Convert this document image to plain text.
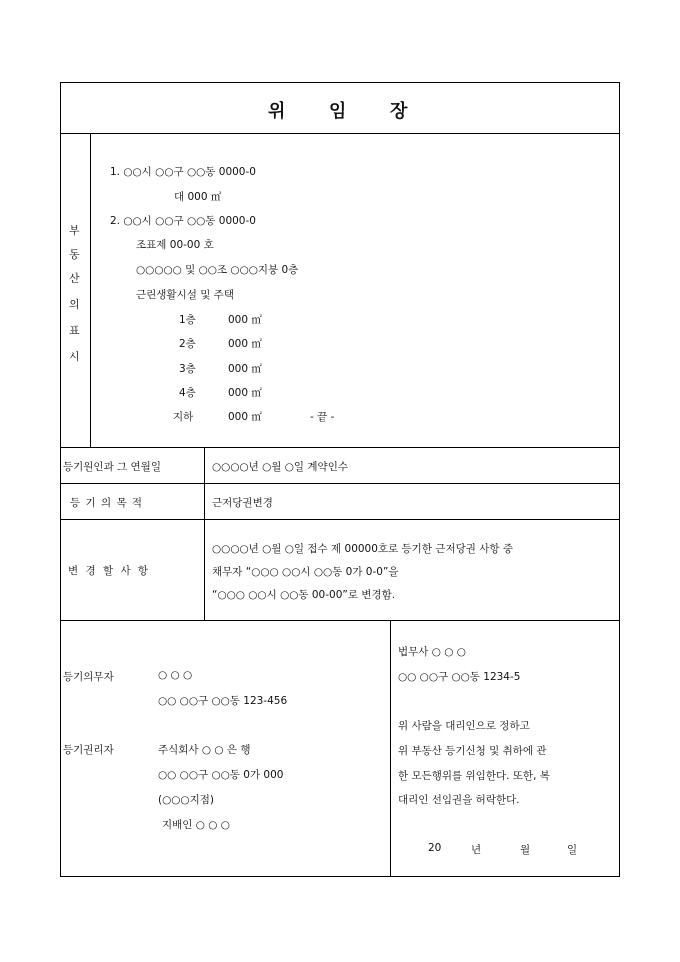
위 임 장
부
동
산
의
표
시
1. ○○시 ○○구 ○○동 0000-0
대 000 ㎡
2. ○○시 ○○구 ○○동 0000-0
조표제 00-00 호
○○○○○ 및 ○○조 ○○○지붕 0층
근린생활시설 및 주택
1층	000 ㎡
2층	000 ㎡
3층	000 ㎡
4층	000 ㎡
지하	000 ㎡	- 끝 -
등기원인과 그 연월일	○○○○년 ○월 ○일 계약인수
등 기 의 목 적	근저당권변경
변 경 할 사 항
○○○○년 ○월 ○일 접수 제 00000호로 등기한 근저당권 사항 중
채무자 “○○○ ○○시 ○○동 0가 0-0”을
“○○○ ○○시 ○○동 00-00”로 변경함.
등기의무자	○ ○ ○
○○ ○○구 ○○동 123-456
등기권리자	주식회사 ○ ○ 은 행
○○ ○○구 ○○동 0가 000
(○○○지점)
지배인 ○ ○ ○
법무사 ○ ○ ○
○○ ○○구 ○○동 1234-5
위 사람을 대리인으로 정하고
위 부동산 등기신청 및 취하에 관
한 모든행위를 위임한다. 또한, 복
대리인 선임권을 허락한다.
20	년	월	일
